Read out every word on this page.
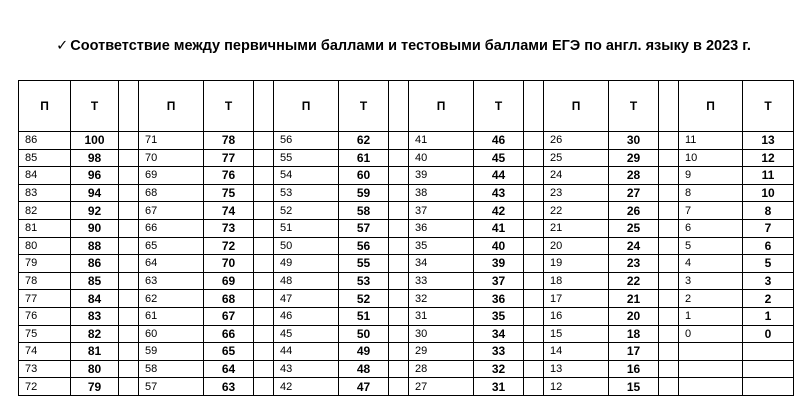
✓ Соответствие между первичными баллами и тестовыми баллами ЕГЭ по англ. языку в 2023 г.
П	Т		П	Т		П	Т		П	Т		П	Т		П	Т
86	100		71	78		56	62		41	46		26	30		11	13
85	98		70	77		55	61		40	45		25	29		10	12
84	96		69	76		54	60		39	44		24	28		9	11
83	94		68	75		53	59		38	43		23	27		8	10
82	92		67	74		52	58		37	42		22	26		7	8
81	90		66	73		51	57		36	41		21	25		6	7
80	88		65	72		50	56		35	40		20	24		5	6
79	86		64	70		49	55		34	39		19	23		4	5
78	85		63	69		48	53		33	37		18	22		3	3
77	84		62	68		47	52		32	36		17	21		2	2
76	83		61	67		46	51		31	35		16	20		1	1
75	82		60	66		45	50		30	34		15	18		0	0
74	81		59	65		44	49		29	33		14	17			
73	80		58	64		43	48		28	32		13	16			
72	79		57	63		42	47		27	31		12	15			
